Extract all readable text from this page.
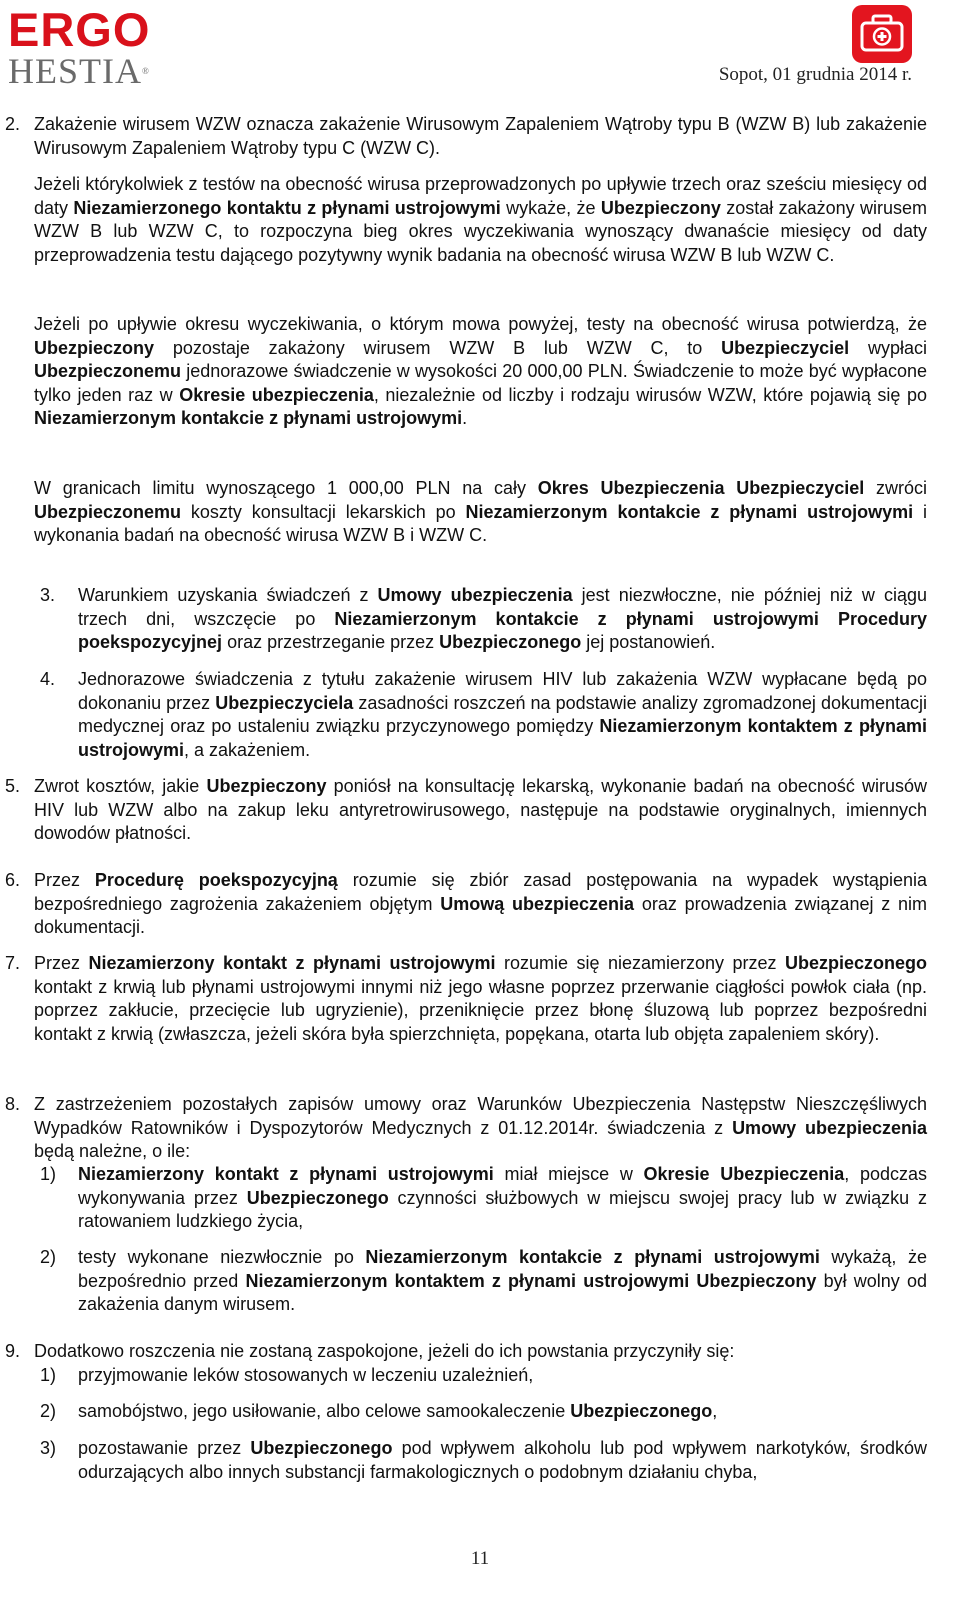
ERGO
HESTIA®	Sopot, 01 grudnia 2014 r.
2. Zakażenie wirusem WZW oznacza zakażenie Wirusowym Zapaleniem Wątroby typu B (WZW B) lub zakażenie Wirusowym Zapaleniem Wątroby typu C (WZW C).

Jeżeli którykolwiek z testów na obecność wirusa przeprowadzonych po upływie trzech oraz sześciu miesięcy od daty Niezamierzonego kontaktu z płynami ustrojowymi wykaże, że Ubezpieczony został zakażony wirusem WZW B lub WZW C, to rozpoczyna bieg okres wyczekiwania wynoszący dwanaście miesięcy od daty przeprowadzenia testu dającego pozytywny wynik badania na obecność wirusa WZW B lub WZW C.

Jeżeli po upływie okresu wyczekiwania, o którym mowa powyżej, testy na obecność wirusa potwierdzą, że Ubezpieczony pozostaje zakażony wirusem WZW B lub WZW C, to Ubezpieczyciel wypłaci Ubezpieczonemu jednorazowe świadczenie w wysokości 20 000,00 PLN. Świadczenie to może być wypłacone tylko jeden raz w Okresie ubezpieczenia, niezależnie od liczby i rodzaju wirusów WZW, które pojawią się po Niezamierzonym kontakcie z płynami ustrojowymi.

W granicach limitu wynoszącego 1 000,00 PLN na cały Okres Ubezpieczenia Ubezpieczyciel zwróci Ubezpieczonemu koszty konsultacji lekarskich po Niezamierzonym kontakcie z płynami ustrojowymi i wykonania badań na obecność wirusa WZW B i WZW C.

3.	Warunkiem uzyskania świadczeń z Umowy ubezpieczenia jest niezwłoczne, nie później niż w ciągu trzech dni, wszczęcie po Niezamierzonym kontakcie z płynami ustrojowymi Procedury poekspozycyjnej oraz przestrzeganie przez Ubezpieczonego jej postanowień.

4.	Jednorazowe świadczenia z tytułu zakażenie wirusem HIV lub zakażenia WZW wypłacane będą po dokonaniu przez Ubezpieczyciela zasadności roszczeń na podstawie analizy zgromadzonej dokumentacji medycznej oraz po ustaleniu związku przyczynowego pomiędzy Niezamierzonym kontaktem z płynami ustrojowymi, a zakażeniem.

5. Zwrot kosztów, jakie Ubezpieczony poniósł na konsultację lekarską, wykonanie badań na obecność wirusów HIV lub WZW albo na zakup leku antyretrowirusowego, następuje na podstawie oryginalnych, imiennych dowodów płatności.

6. Przez Procedurę poekspozycyjną rozumie się zbiór zasad postępowania na wypadek wystąpienia bezpośredniego zagrożenia zakażeniem objętym Umową ubezpieczenia oraz prowadzenia związanej z nim dokumentacji.

7. Przez Niezamierzony kontakt z płynami ustrojowymi rozumie się niezamierzony przez Ubezpieczonego kontakt z krwią lub płynami ustrojowymi innymi niż jego własne poprzez przerwanie ciągłości powłok ciała (np. poprzez zakłucie, przecięcie lub ugryzienie), przeniknięcie przez błonę śluzową lub poprzez bezpośredni kontakt z krwią (zwłaszcza, jeżeli skóra była spierzchnięta, popękana, otarta lub objęta zapaleniem skóry).

8. Z zastrzeżeniem pozostałych zapisów umowy oraz Warunków Ubezpieczenia Następstw Nieszczęśliwych Wypadków Ratowników i Dyspozytorów Medycznych z 01.12.2014r. świadczenia z Umowy ubezpieczenia będą należne, o ile:

1)	Niezamierzony kontakt z płynami ustrojowymi miał miejsce w Okresie Ubezpieczenia, podczas wykonywania przez Ubezpieczonego czynności służbowych w miejscu swojej pracy lub w związku z ratowaniem ludzkiego życia,

2)	testy wykonane niezwłocznie po Niezamierzonym kontakcie z płynami ustrojowymi wykażą, że bezpośrednio przed Niezamierzonym kontaktem z płynami ustrojowymi Ubezpieczony był wolny od zakażenia danym wirusem.

9. Dodatkowo roszczenia nie zostaną zaspokojone, jeżeli do ich powstania przyczyniły się:

1)	przyjmowanie leków stosowanych w leczeniu uzależnień,

2)	samobójstwo, jego usiłowanie, albo celowe samookaleczenie Ubezpieczonego,

3)	pozostawanie przez Ubezpieczonego pod wpływem alkoholu lub pod wpływem narkotyków, środków odurzających albo innych substancji farmakologicznych o podobnym działaniu chyba,

11
